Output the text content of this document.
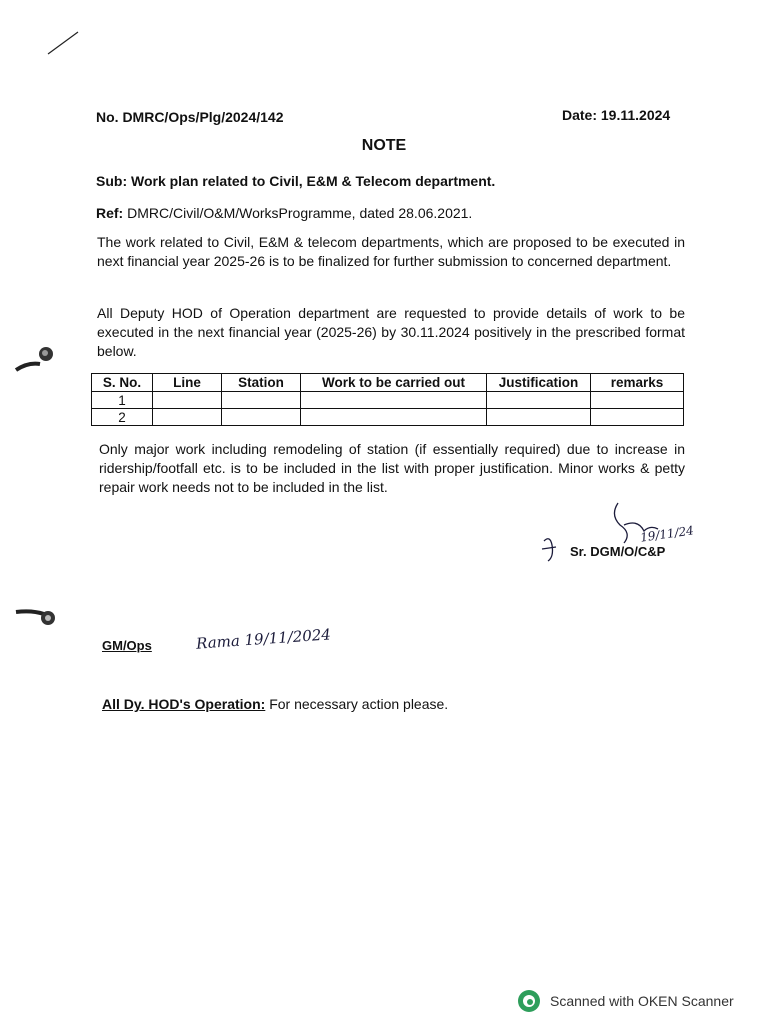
No. DMRC/Ops/Plg/2024/142	Date: 19.11.2024
NOTE
Sub: Work plan related to Civil, E&M & Telecom department.
Ref: DMRC/Civil/O&M/WorksProgramme, dated 28.06.2021.
The work related to Civil, E&M & telecom departments, which are proposed to be executed in next financial year 2025-26 is to be finalized for further submission to concerned department.
All Deputy HOD of Operation department are requested to provide details of work to be executed in the next financial year (2025-26) by 30.11.2024 positively in the prescribed format below.
S. No.	Line	Station	Work to be carried out	Justification	remarks
1					
2					
Only major work including remodeling of station (if essentially required) due to increase in ridership/footfall etc. is to be included in the list with proper justification. Minor works & petty repair work needs not to be included in the list.
19/11/24
Sr. DGM/O/C&P
GM/Ops	Rama 19/11/2024
All Dy. HOD's Operation: For necessary action please.
Scanned with OKEN Scanner
